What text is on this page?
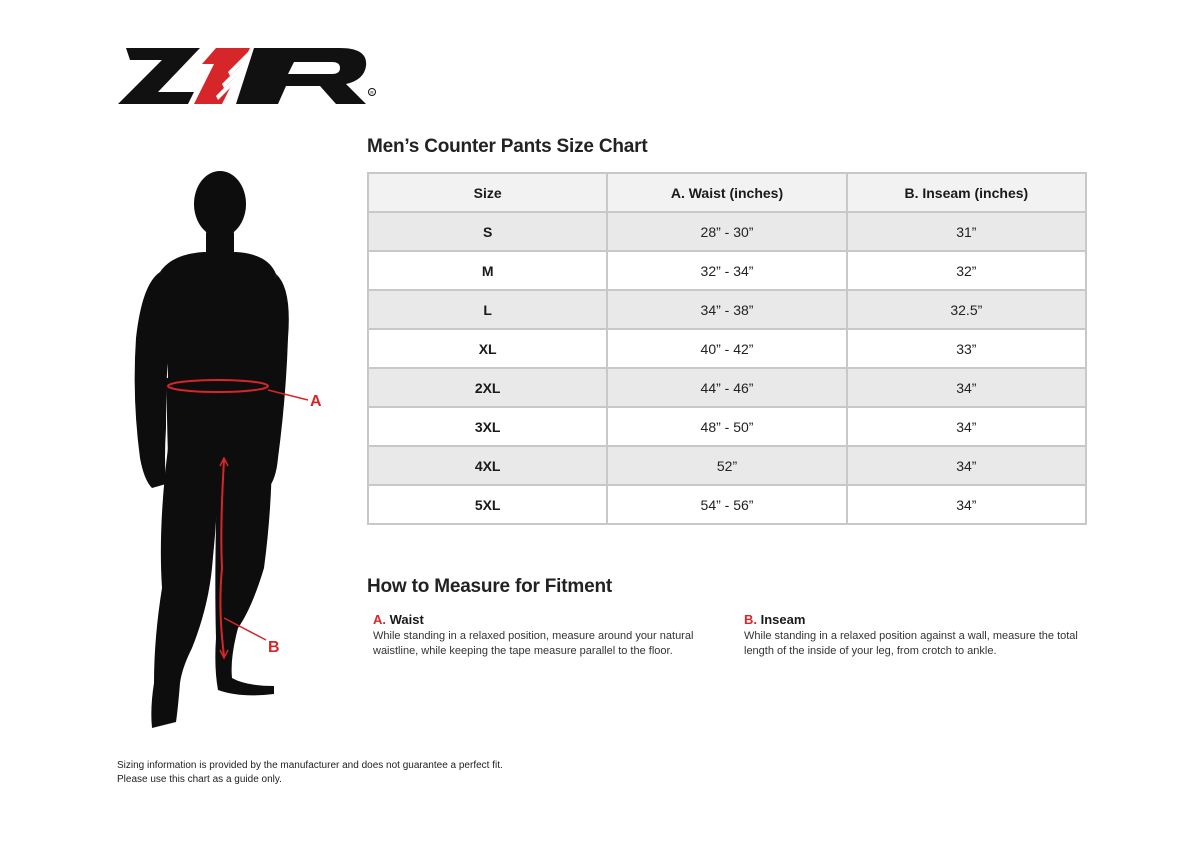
R
A
B
Men’s Counter Pants Size Chart
Size	A. Waist (inches)	B. Inseam (inches)
S	28” - 30”	31”
M	32” - 34”	32”
L	34” - 38”	32.5”
XL	40” - 42”	33”
2XL	44” - 46”	34”
3XL	48” - 50”	34”
4XL	52”	34”
5XL	54” - 56”	34”
How to Measure for Fitment
A. Waist
While standing in a relaxed position, measure around your natural
waistline, while keeping the tape measure parallel to the floor.
B. Inseam
While standing in a relaxed position against a wall, measure the total
length of the inside of your leg, from crotch to ankle.
Sizing information is provided by the manufacturer and does not guarantee a perfect fit.
Please use this chart as a guide only.
